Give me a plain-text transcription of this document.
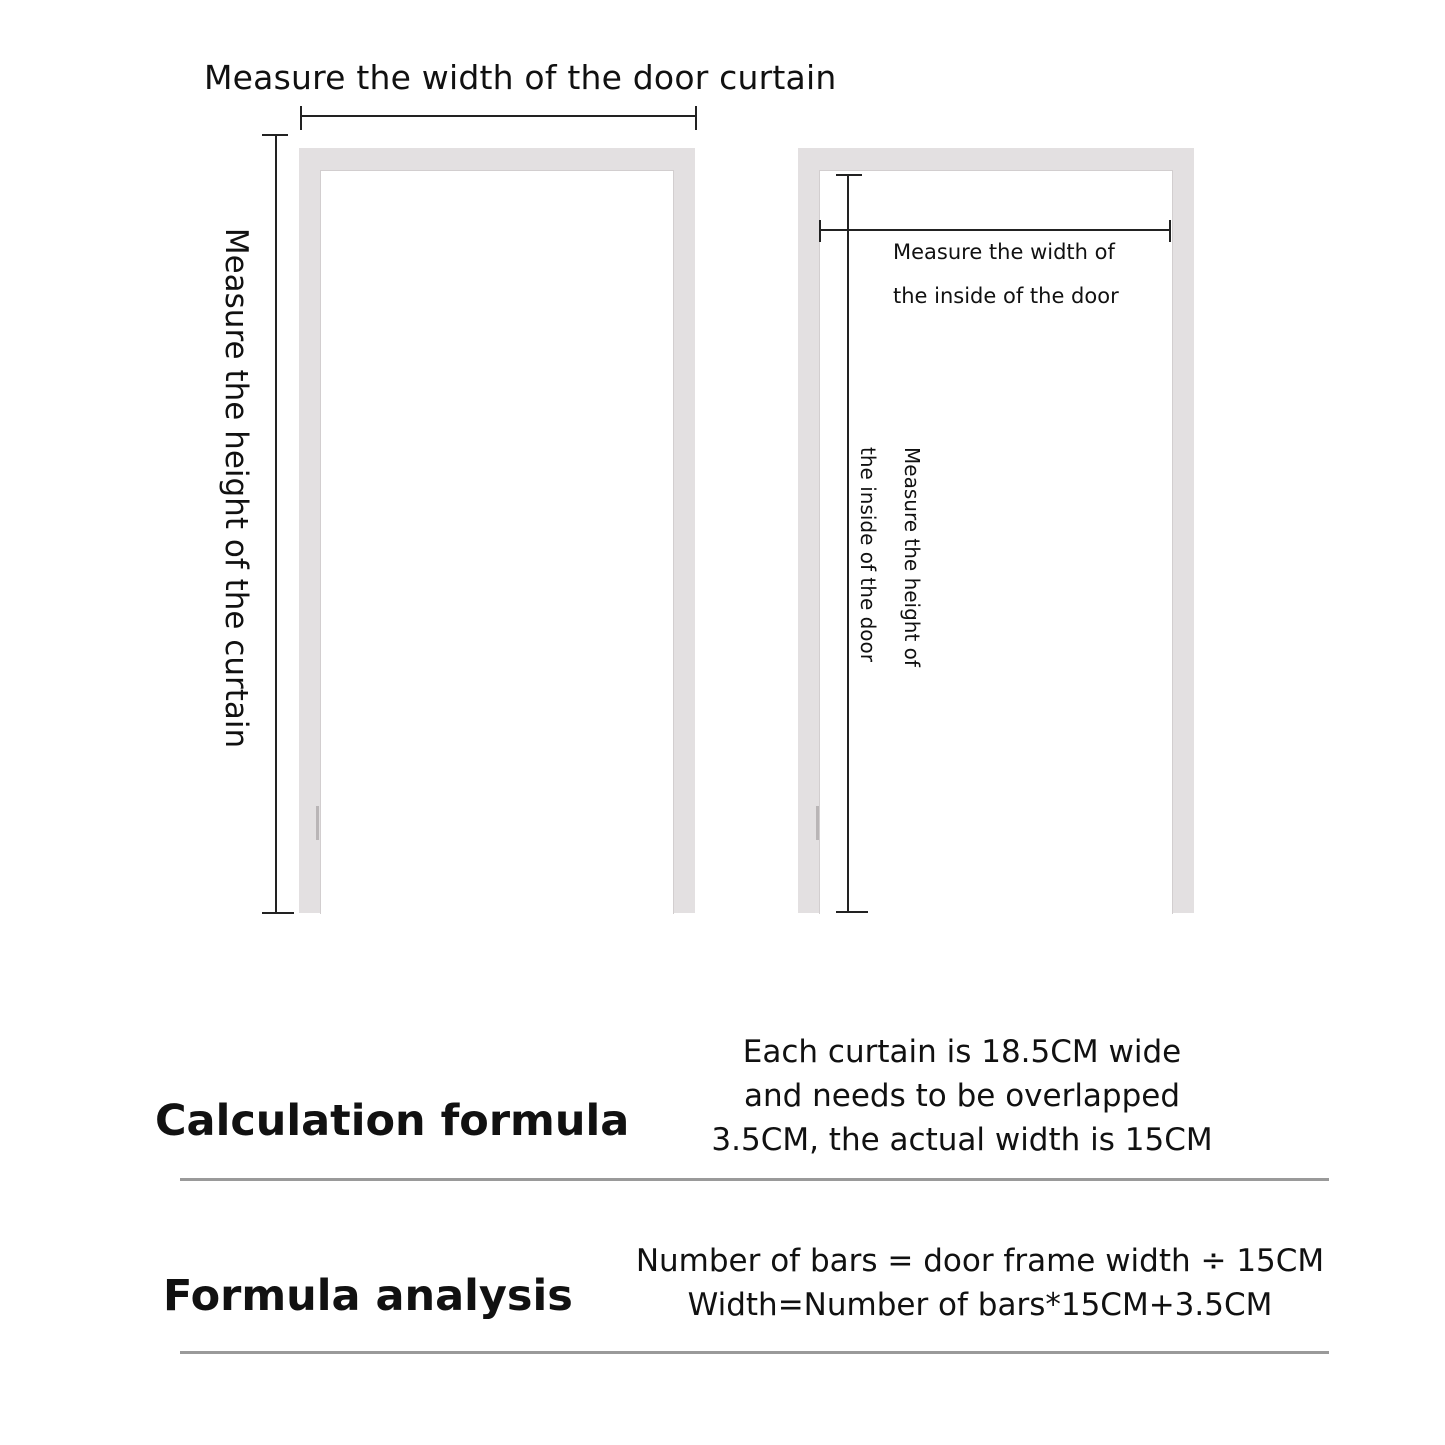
Measure the width of the door curtain
Measure the height of the curtain	Measure the width of
the inside of the door
Measure the height of
the inside of the door
Calculation formula
Each curtain is 18.5CM wide
and needs to be overlapped
3.5CM, the actual width is 15CM
Formula analysis
Number of bars = door frame width ÷ 15CM
Width=Number of bars*15CM+3.5CM
